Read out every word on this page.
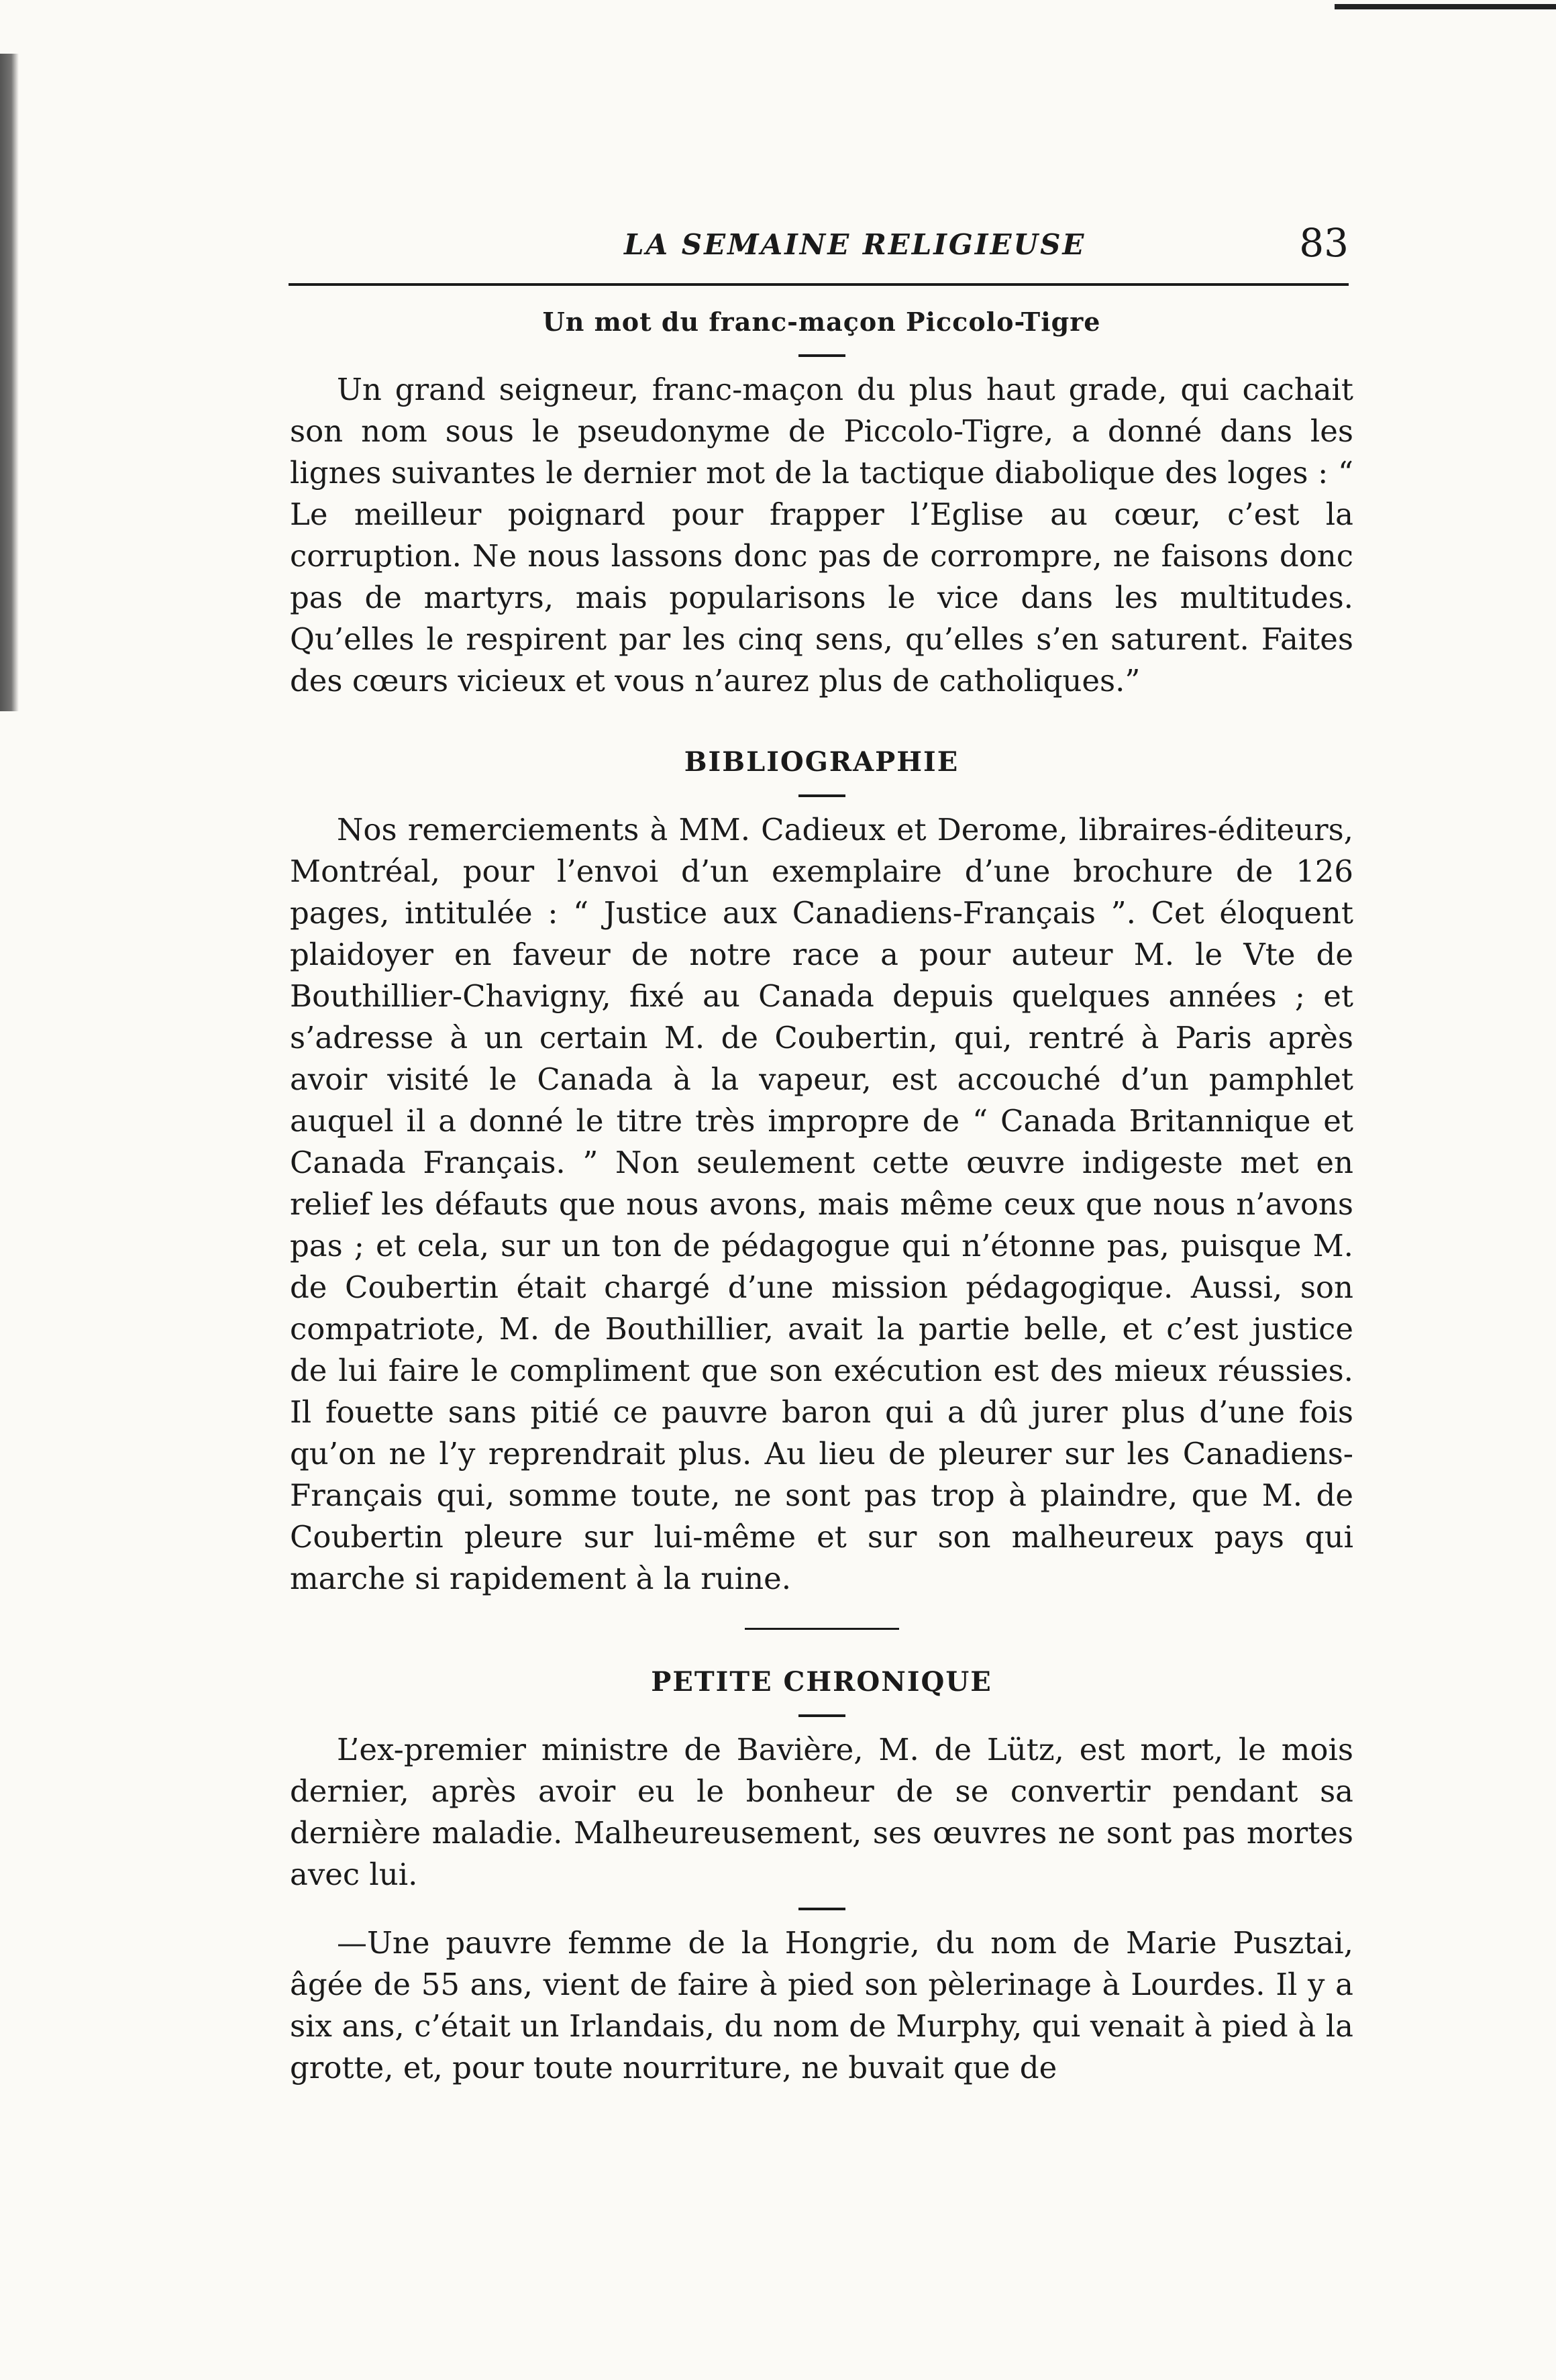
LA SEMAINE RELIGIEUSE	83
Un mot du franc-maçon Piccolo-Tigre

Un grand seigneur, franc-maçon du plus haut grade, qui cachait son nom sous le pseudonyme de Piccolo-Tigre, a donné dans les lignes suivantes le dernier mot de la tactique diabolique des loges : “ Le meilleur poignard pour frapper l’Eglise au cœur, c’est la corruption. Ne nous lassons donc pas de corrompre, ne faisons donc pas de martyrs, mais popularisons le vice dans les multitudes. Qu’elles le respirent par les cinq sens, qu’elles s’en saturent. Faites des cœurs vicieux et vous n’aurez plus de catholiques.”

BIBLIOGRAPHIE

Nos remerciements à MM. Cadieux et Derome, libraires-éditeurs, Montréal, pour l’envoi d’un exemplaire d’une brochure de 126 pages, intitulée : “ Justice aux Canadiens-Français ”. Cet éloquent plaidoyer en faveur de notre race a pour auteur M. le Vte de Bouthillier-Chavigny, fixé au Canada depuis quelques années ; et s’adresse à un certain M. de Coubertin, qui, rentré à Paris après avoir visité le Canada à la vapeur, est accouché d’un pamphlet auquel il a donné le titre très impropre de “ Canada Britannique et Canada Français. ” Non seulement cette œuvre indigeste met en relief les défauts que nous avons, mais même ceux que nous n’avons pas ; et cela, sur un ton de pédagogue qui n’étonne pas, puisque M. de Coubertin était chargé d’une mission pédagogique. Aussi, son compatriote, M. de Bouthillier, avait la partie belle, et c’est justice de lui faire le compliment que son exécution est des mieux réussies. Il fouette sans pitié ce pauvre baron qui a dû jurer plus d’une fois qu’on ne l’y reprendrait plus. Au lieu de pleurer sur les Canadiens-Français qui, somme toute, ne sont pas trop à plaindre, que M. de Coubertin pleure sur lui-même et sur son malheureux pays qui marche si rapidement à la ruine.

PETITE CHRONIQUE

L’ex-premier ministre de Bavière, M. de Lütz, est mort, le mois dernier, après avoir eu le bonheur de se convertir pendant sa dernière maladie. Malheureusement, ses œuvres ne sont pas mortes avec lui.

—Une pauvre femme de la Hongrie, du nom de Marie Pusztai, âgée de 55 ans, vient de faire à pied son pèlerinage à Lourdes. Il y a six ans, c’était un Irlandais, du nom de Murphy, qui venait à pied à la grotte, et, pour toute nourriture, ne buvait que de
